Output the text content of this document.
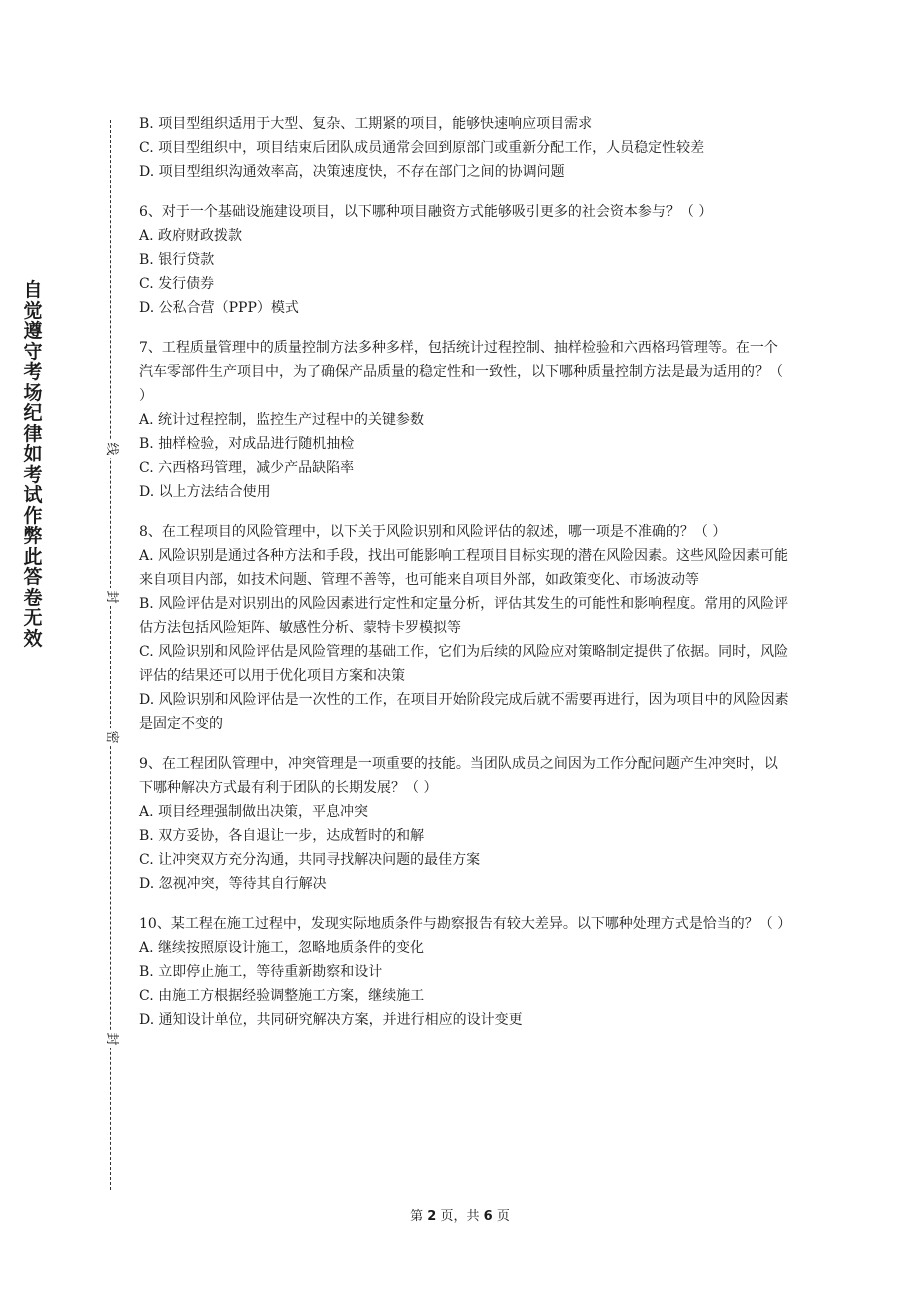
自觉遵守考场纪律如考试作弊此答卷无效
线
封
密
封

B. 项目型组织适用于大型、复杂、工期紧的项目，能够快速响应项目需求

C. 项目型组织中，项目结束后团队成员通常会回到原部门或重新分配工作，人员稳定性较差

D. 项目型组织沟通效率高，决策速度快，不存在部门之间的协调问题

6、对于一个基础设施建设项目，以下哪种项目融资方式能够吸引更多的社会资本参与？（ ）

A. 政府财政拨款

B. 银行贷款

C. 发行债券

D. 公私合营（PPP）模式

7、工程质量管理中的质量控制方法多种多样，包括统计过程控制、抽样检验和六西格玛管理等。在一个汽车零部件生产项目中，为了确保产品质量的稳定性和一致性，以下哪种质量控制方法是最为适用的？（ ）

A. 统计过程控制，监控生产过程中的关键参数

B. 抽样检验，对成品进行随机抽检

C. 六西格玛管理，减少产品缺陷率

D. 以上方法结合使用

8、在工程项目的风险管理中，以下关于风险识别和风险评估的叙述，哪一项是不准确的？（ ）

A. 风险识别是通过各种方法和手段，找出可能影响工程项目目标实现的潜在风险因素。这些风险因素可能来自项目内部，如技术问题、管理不善等，也可能来自项目外部，如政策变化、市场波动等

B. 风险评估是对识别出的风险因素进行定性和定量分析，评估其发生的可能性和影响程度。常用的风险评估方法包括风险矩阵、敏感性分析、蒙特卡罗模拟等

C. 风险识别和风险评估是风险管理的基础工作，它们为后续的风险应对策略制定提供了依据。同时，风险评估的结果还可以用于优化项目方案和决策

D. 风险识别和风险评估是一次性的工作，在项目开始阶段完成后就不需要再进行，因为项目中的风险因素是固定不变的

9、在工程团队管理中，冲突管理是一项重要的技能。当团队成员之间因为工作分配问题产生冲突时，以下哪种解决方式最有利于团队的长期发展？（ ）

A. 项目经理强制做出决策，平息冲突

B. 双方妥协，各自退让一步，达成暂时的和解

C. 让冲突双方充分沟通，共同寻找解决问题的最佳方案

D. 忽视冲突，等待其自行解决

10、某工程在施工过程中，发现实际地质条件与勘察报告有较大差异。以下哪种处理方式是恰当的？（ ）

A. 继续按照原设计施工，忽略地质条件的变化

B. 立即停止施工，等待重新勘察和设计

C. 由施工方根据经验调整施工方案，继续施工

D. 通知设计单位，共同研究解决方案，并进行相应的设计变更

第 2 页，共 6 页
